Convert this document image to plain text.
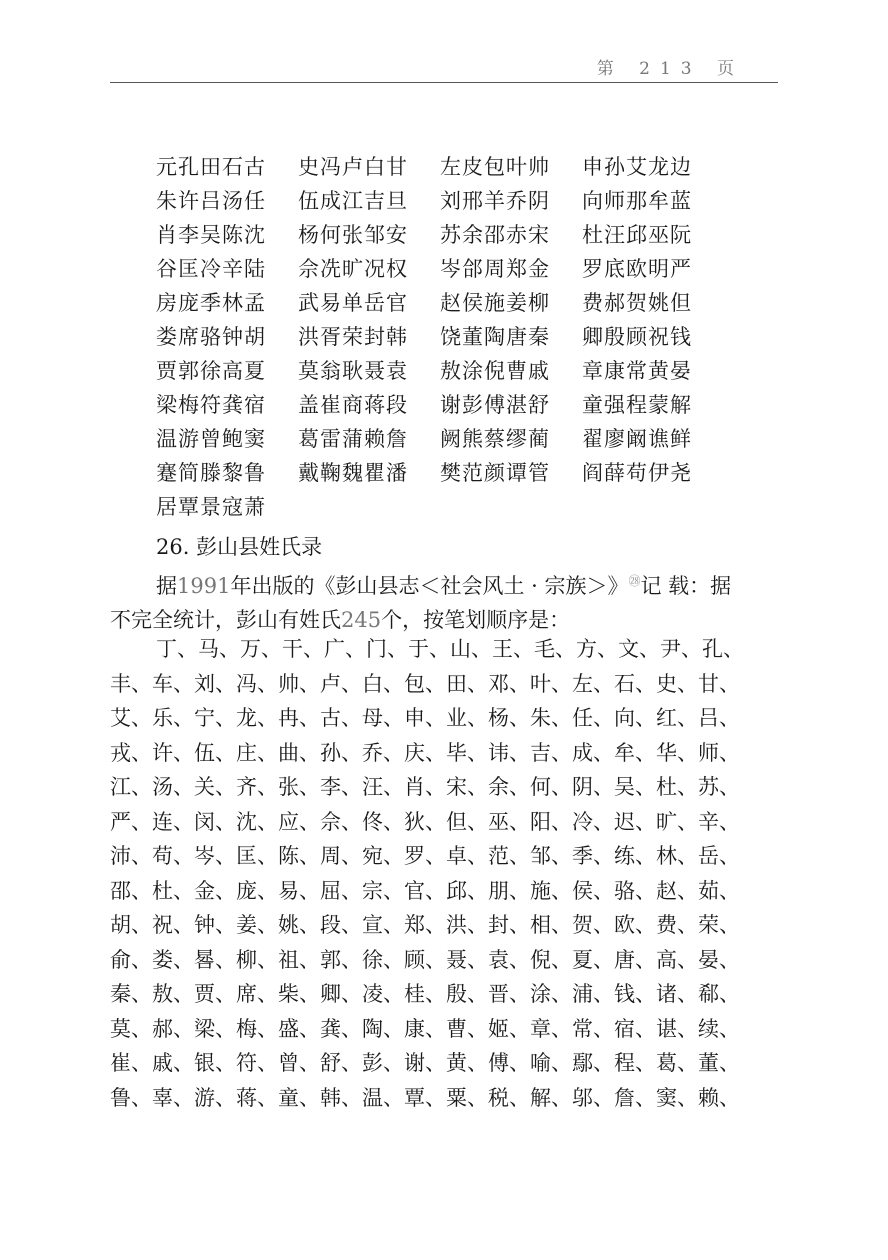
第 213 页
元孔田石古	史冯卢白甘	左皮包叶帅	申孙艾龙边
朱许吕汤任	伍成江吉旦	刘邢羊乔阴	向师那牟蓝
肖李吴陈沈	杨何张邹安	苏余邵赤宋	杜汪邱巫阮
谷匡冷辛陆	佘冼旷况权	岑郃周郑金	罗底欧明严
房庞季林孟	武易单岳官	赵侯施姜柳	费郝贺姚但
娄席骆钟胡	洪胥荣封韩	饶董陶唐秦	卿殷顾祝钱
贾郭徐高夏	莫翁耿聂袁	敖涂倪曹戚	章康常黄晏
梁梅符龚宿	盖崔商蒋段	谢彭傅湛舒	童强程蒙解
温游曾鲍窦	葛雷蒲赖詹	阙熊蔡缪蔺	翟廖阚谯鲜
蹇简滕黎鲁	戴鞠魏瞿潘	樊范颜谭管	阎薛苟伊尧
居覃景寇萧
26. 彭山县姓氏录

据1991年出版的《彭山县志＜社会风土 · 宗族＞》$^㉘$记 载：据

不完全统计，彭山有姓氏245个，按笔划顺序是：

丁、马、万、干、广、门、于、山、王、毛、方、文、尹、孔、
丰、车、刘、冯、帅、卢、白、包、田、邓、叶、左、石、史、甘、
艾、乐、宁、龙、冉、古、母、申、业、杨、朱、任、向、红、吕、
戎、许、伍、庄、曲、孙、乔、庆、毕、讳、吉、成、牟、华、师、
江、汤、关、齐、张、李、汪、肖、宋、余、何、阴、吴、杜、苏、
严、连、闵、沈、应、佘、佟、狄、但、巫、阳、冷、迟、旷、辛、
沛、苟、岑、匡、陈、周、宛、罗、卓、范、邹、季、练、林、岳、
邵、杜、金、庞、易、屈、宗、官、邱、朋、施、侯、骆、赵、茹、
胡、祝、钟、姜、姚、段、宣、郑、洪、封、相、贺、欧、费、荣、
俞、娄、晷、柳、祖、郭、徐、顾、聂、袁、倪、夏、唐、高、晏、
秦、敖、贾、席、柴、卿、凌、桂、殷、晋、涂、浦、钱、诸、郗、
莫、郝、梁、梅、盛、龚、陶、康、曹、姬、章、常、宿、谌、续、
崔、戚、银、符、曾、舒、彭、谢、黄、傅、喻、鄢、程、葛、董、
鲁、辜、游、蒋、童、韩、温、覃、粟、税、解、邬、詹、窦、赖、
